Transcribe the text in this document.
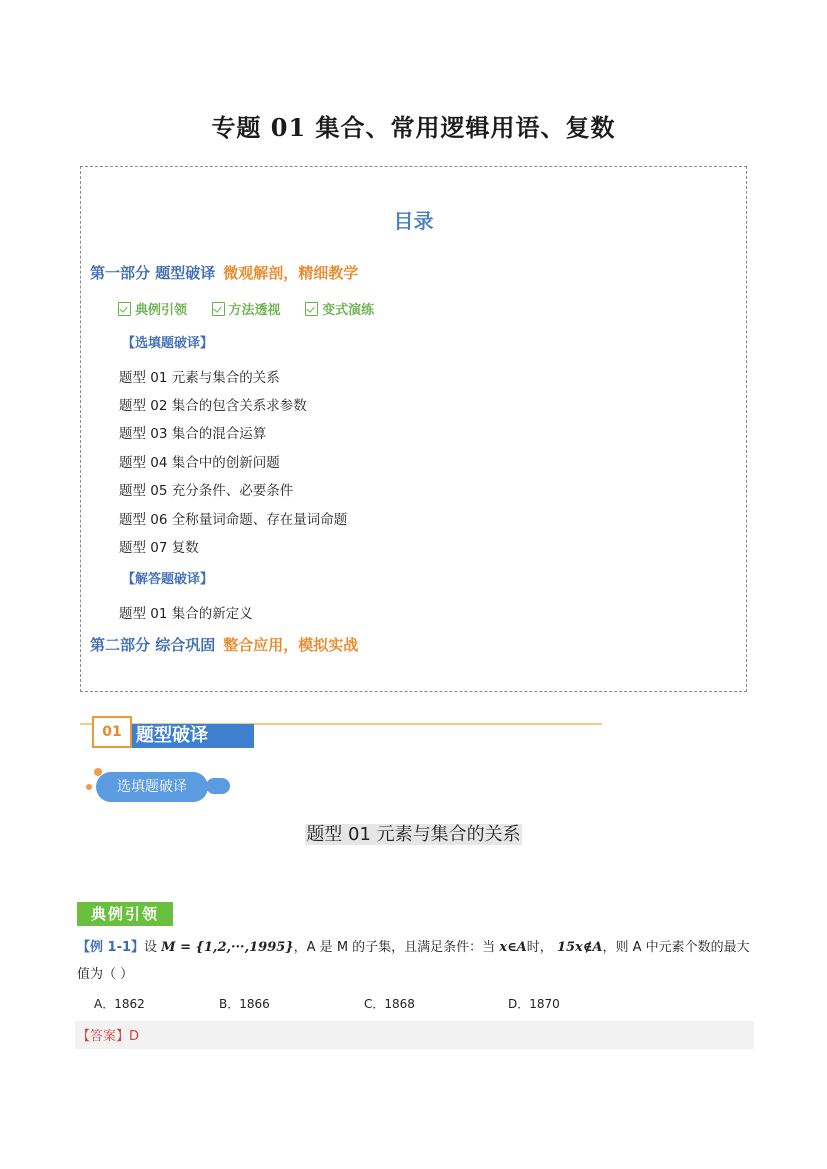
专题 01 集合、常用逻辑用语、复数
目录
第一部分 题型破译 微观解剖，精细教学
典例引领	方法透视	变式演练
【选填题破译】
题型 01 元素与集合的关系
题型 02 集合的包含关系求参数
题型 03 集合的混合运算
题型 04 集合中的创新问题
题型 05 充分条件、必要条件
题型 06 全称量词命题、存在量词命题
题型 07 复数
【解答题破译】
题型 01 集合的新定义
第二部分 综合巩固 整合应用，模拟实战
题型破译
01
选填题破译
题型 01 元素与集合的关系
典例引领
【例 1-1】设 M = {1,2,···,1995}，A 是 M 的子集，且满足条件：当 x∈A时， 15x∉A，则 A 中元素个数的最大
值为（ ）
A．1862	B．1866	C．1868	D．1870
【答案】D
